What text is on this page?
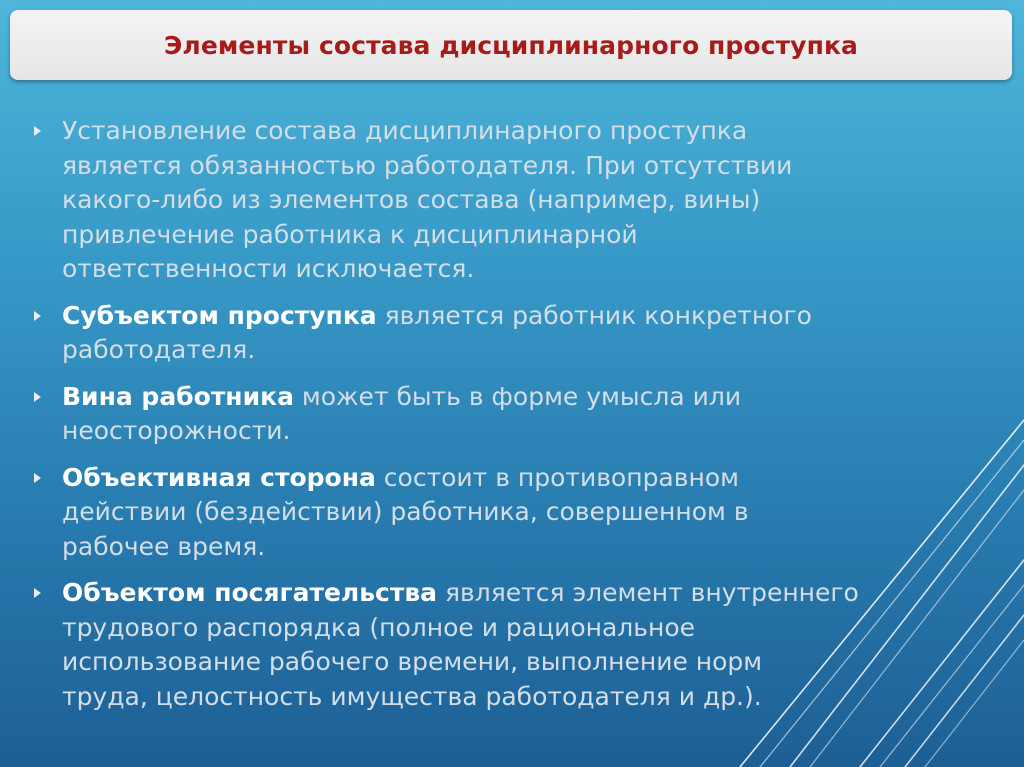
Элементы состава дисциплинарного проступка
Установление состава дисциплинарного проступка
является обязанностью работодателя. При отсутствии
какого-либо из элементов состава (например, вины)
привлечение работника к дисциплинарной
ответственности исключается.
Субъектом проступка является работник конкретного
работодателя.
Вина работника может быть в форме умысла или
неосторожности.
Объективная сторона состоит в противоправном
действии (бездействии) работника, совершенном в
рабочее время.
Объектом посягательства является элемент внутреннего
трудового распорядка (полное и рациональное
использование рабочего времени, выполнение норм
труда, целостность имущества работодателя и др.).
